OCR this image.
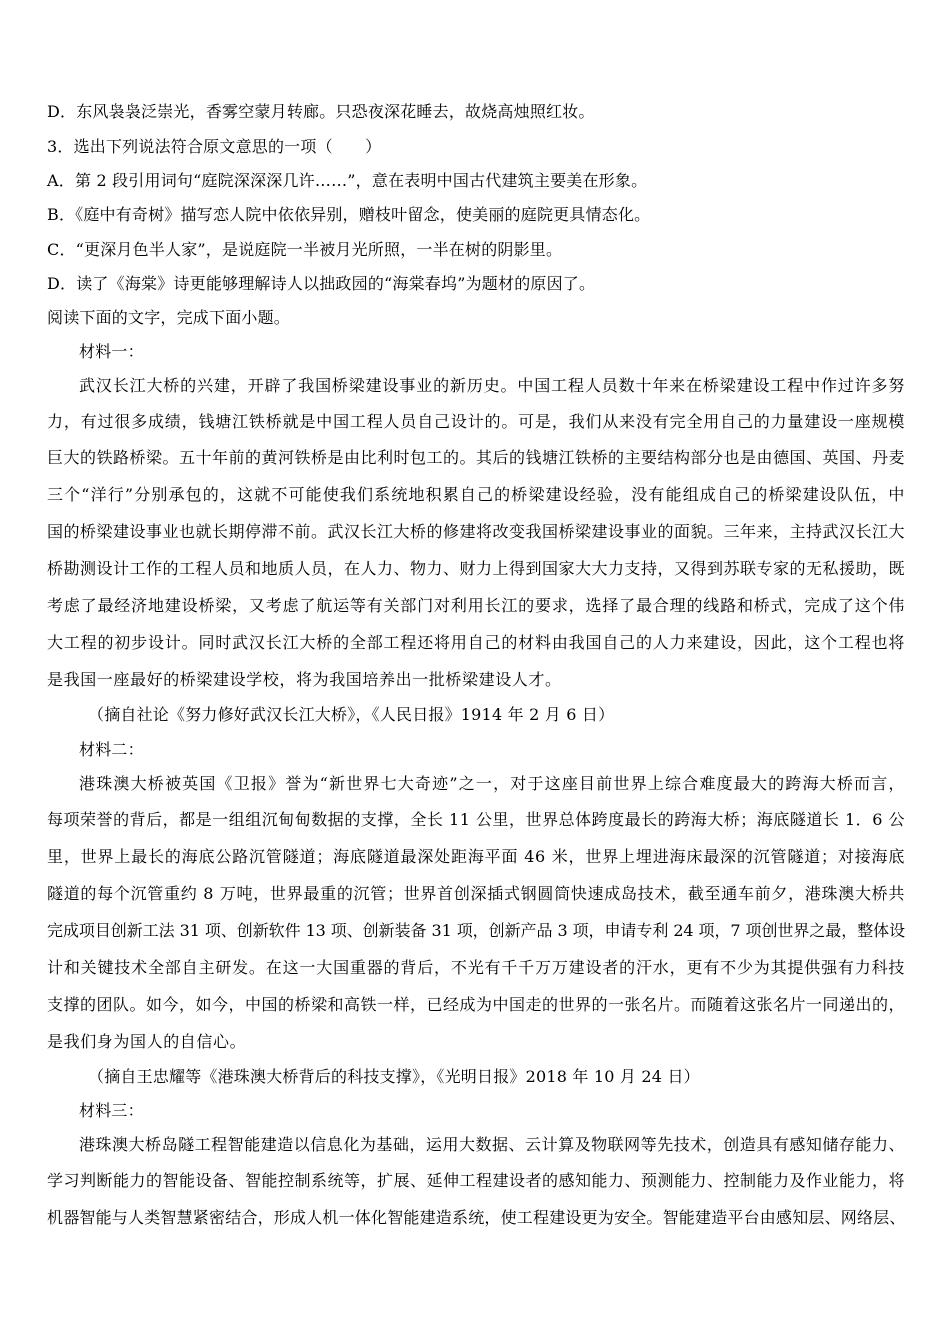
D．东风袅袅泛崇光，香雾空蒙月转廊。只恐夜深花睡去，故烧高烛照红妆。
3．选出下列说法符合原文意思的一项（　　）
A．第 2 段引用词句“庭院深深深几许……”，意在表明中国古代建筑主要美在形象。
B．《庭中有奇树》描写恋人院中依依异别，赠枝叶留念，使美丽的庭院更具情态化。
C．“更深月色半人家”，是说庭院一半被月光所照，一半在树的阴影里。
D．读了《海棠》诗更能够理解诗人以拙政园的“海棠春坞”为题材的原因了。
阅读下面的文字，完成下面小题。
材料一：
武汉长江大桥的兴建，开辟了我国桥梁建设事业的新历史。中国工程人员数十年来在桥梁建设工程中作过许多努
力，有过很多成绩，钱塘江铁桥就是中国工程人员自己设计的。可是，我们从来没有完全用自己的力量建设一座规模
巨大的铁路桥梁。五十年前的黄河铁桥是由比利时包工的。其后的钱塘江铁桥的主要结构部分也是由德国、英国、丹麦
三个“洋行”分别承包的，这就不可能使我们系统地积累自己的桥梁建设经验，没有能组成自己的桥梁建设队伍，中
国的桥梁建设事业也就长期停滞不前。武汉长江大桥的修建将改变我国桥梁建设事业的面貌。三年来，主持武汉长江大
桥勘测设计工作的工程人员和地质人员，在人力、物力、财力上得到国家大大力支持，又得到苏联专家的无私援助，既
考虑了最经济地建设桥梁，又考虑了航运等有关部门对利用长江的要求，选择了最合理的线路和桥式，完成了这个伟
大工程的初步设计。同时武汉长江大桥的全部工程还将用自己的材料由我国自己的人力来建设，因此，这个工程也将
是我国一座最好的桥梁建设学校，将为我国培养出一批桥梁建设人才。
（摘自社论《努力修好武汉长江大桥》，《人民日报》1914 年 2 月 6 日）
材料二：
港珠澳大桥被英国《卫报》誉为“新世界七大奇迹”之一，对于这座目前世界上综合难度最大的跨海大桥而言，
每项荣誉的背后，都是一组组沉甸甸数据的支撑，全长 11 公里，世界总体跨度最长的跨海大桥；海底隧道长 1．6 公
里，世界上最长的海底公路沉管隧道；海底隧道最深处距海平面 46 米，世界上埋进海床最深的沉管隧道；对接海底
隧道的每个沉管重约 8 万吨，世界最重的沉管；世界首创深插式钢圆筒快速成岛技术，截至通车前夕，港珠澳大桥共
完成项目创新工法 31 项、创新软件 13 项、创新装备 31 项，创新产品 3 项，申请专利 24 项，7 项创世界之最，整体设
计和关键技术全部自主研发。在这一大国重器的背后，不光有千千万万建设者的汗水，更有不少为其提供强有力科技
支撑的团队。如今，如今，中国的桥梁和高铁一样，已经成为中国走的世界的一张名片。而随着这张名片一同递出的，
是我们身为国人的自信心。
（摘自王忠耀等《港珠澳大桥背后的科技支撑》，《光明日报》2018 年 10 月 24 日）
材料三：
港珠澳大桥岛隧工程智能建造以信息化为基础，运用大数据、云计算及物联网等先技术，创造具有感知储存能力、
学习判断能力的智能设备、智能控制系统等，扩展、延伸工程建设者的感知能力、预测能力、控制能力及作业能力，将
机器智能与人类智慧紧密结合，形成人机一体化智能建造系统，使工程建设更为安全。智能建造平台由感知层、网络层、
